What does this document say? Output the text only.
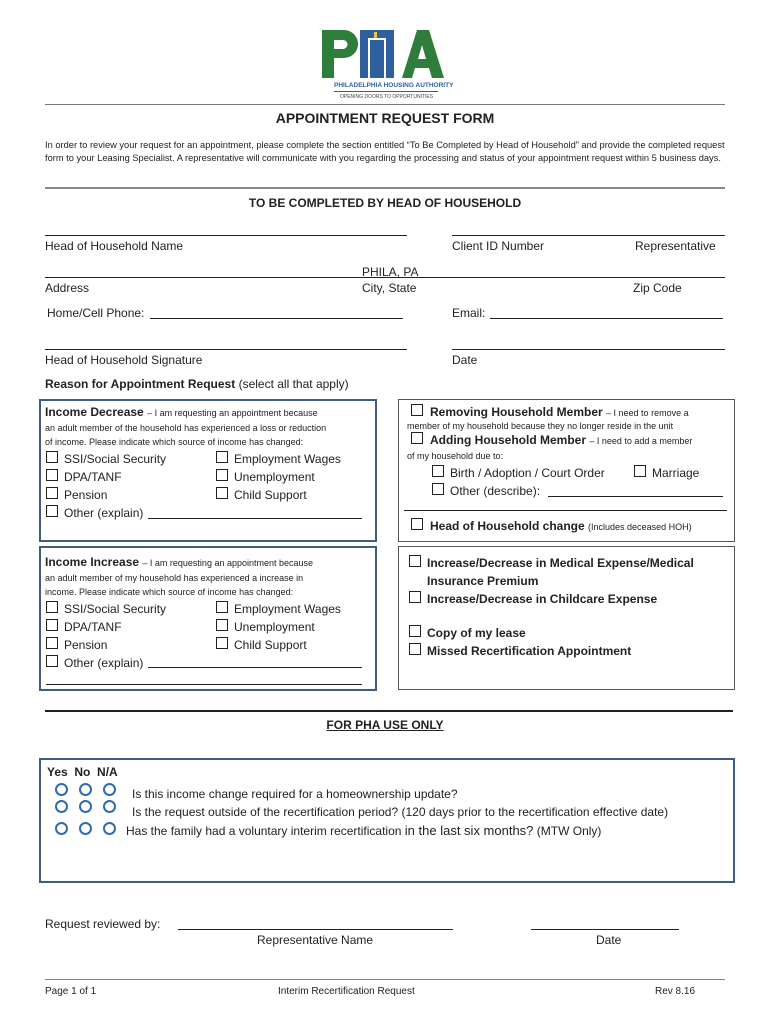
PHILADELPHIA HOUSING AUTHORITY
OPENING DOORS TO OPPORTUNITIES
APPOINTMENT REQUEST FORM
In order to review your request for an appointment, please complete the section entitled “To Be Completed by Head of Household” and provide the completed request form to your Leasing Specialist. A representative will communicate with you regarding the processing and status of your appointment request within 5 business days.
TO BE COMPLETED BY HEAD OF HOUSEHOLD
Head of Household Name	Client ID Number	Representative
PHILA, PA
Address	City, State	Zip Code
Home/Cell Phone:	Email:
Head of Household Signature	Date
Reason for Appointment Request (select all that apply)
Income Decrease – I am requesting an appointment because
an adult member of the household has experienced a loss or reduction
of income. Please indicate which source of income has changed:
SSI/Social Security	Employment Wages
DPA/TANF	Unemployment
Pension	Child Support
Other (explain)
Income Increase – I am requesting an appointment because
an adult member of my household has experienced a increase in
income. Please indicate which source of income has changed:
SSI/Social Security	Employment Wages
DPA/TANF	Unemployment
Pension	Child Support
Other (explain)
Removing Household Member – I need to remove a
member of my household because they no longer reside in the unit
Adding Household Member – I need to add a member
of my household due to:
Birth / Adoption / Court Order	Marriage
Other (describe):
Head of Household change (Includes deceased HOH)
Increase/Decrease in Medical Expense/Medical
Insurance Premium
Increase/Decrease in Childcare Expense
Copy of my lease
Missed Recertification Appointment
FOR PHA USE ONLY
Yes  No  N/A
Is this income change required for a homeownership update?
Is the request outside of the recertification period? (120 days prior to the recertification effective date)
Has the family had a voluntary interim recertification in the last six months? (MTW Only)
Request reviewed by:
Representative Name	Date
Page 1 of 1	Interim Recertification Request	Rev 8.16
